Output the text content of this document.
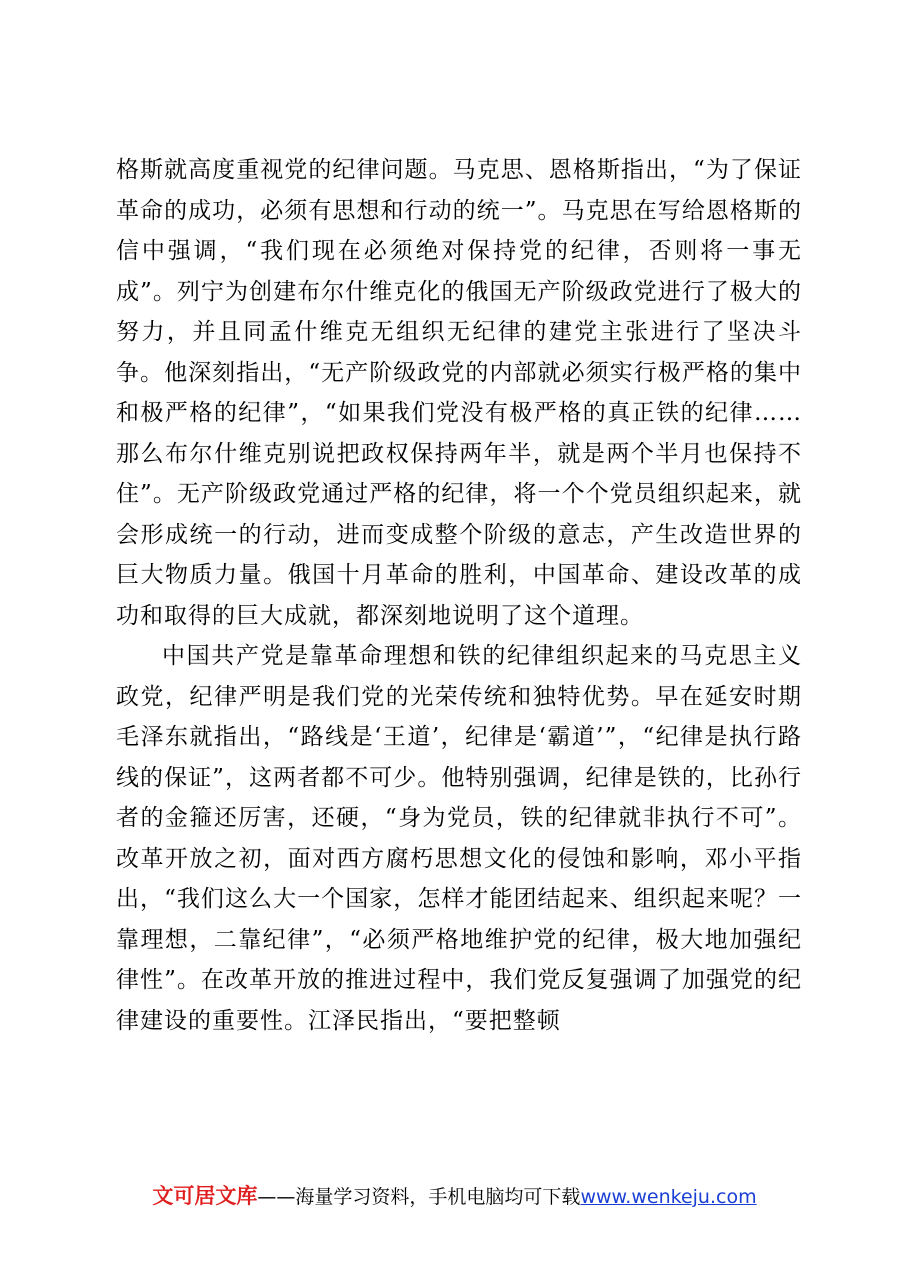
格斯就高度重视党的纪律问题。马克思、恩格斯指出，“为了保证革命的成功，必须有思想和行动的统一”。马克思在写给恩格斯的信中强调，“我们现在必须绝对保持党的纪律，否则将一事无成”。列宁为创建布尔什维克化的俄国无产阶级政党进行了极大的努力，并且同孟什维克无组织无纪律的建党主张进行了坚决斗争。他深刻指出，“无产阶级政党的内部就必须实行极严格的集中和极严格的纪律”，“如果我们党没有极严格的真正铁的纪律……那么布尔什维克别说把政权保持两年半，就是两个半月也保持不住”。无产阶级政党通过严格的纪律，将一个个党员组织起来，就会形成统一的行动，进而变成整个阶级的意志，产生改造世界的巨大物质力量。俄国十月革命的胜利，中国革命、建设改革的成功和取得的巨大成就，都深刻地说明了这个道理。

中国共产党是靠革命理想和铁的纪律组织起来的马克思主义政党，纪律严明是我们党的光荣传统和独特优势。早在延安时期毛泽东就指出，“路线是‘王道’，纪律是‘霸道’”，“纪律是执行路线的保证”，这两者都不可少。他特别强调，纪律是铁的，比孙行者的金箍还厉害，还硬，“身为党员，铁的纪律就非执行不可”。改革开放之初，面对西方腐朽思想文化的侵蚀和影响，邓小平指出，“我们这么大一个国家，怎样才能团结起来、组织起来呢？一靠理想，二靠纪律”，“必须严格地维护党的纪律，极大地加强纪律性”。在改革开放的推进过程中，我们党反复强调了加强党的纪律建设的重要性。江泽民指出，“要把整顿

文可居文库——海量学习资料，手机电脑均可下载www.wenkeju.com
